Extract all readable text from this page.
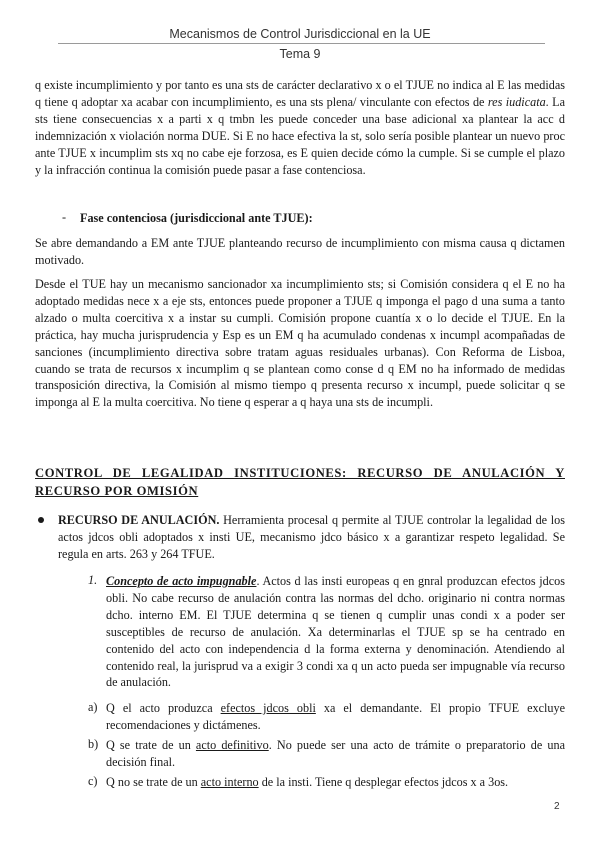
Mecanismos de Control Jurisdiccional en la UE
Tema 9

q existe incumplimiento y por tanto es una sts de carácter declarativo x o el TJUE no indica al E las medidas q tiene q adoptar xa acabar con incumplimiento, es una sts plena/ vinculante con efectos de res iudicata. La sts tiene consecuencias x a parti x q tmbn les puede conceder una base adicional xa plantear la acc d indemnización x violación norma DUE. Si E no hace efectiva la st, solo sería posible plantear un nuevo proc ante TJUE x incumplim sts xq no cabe eje forzosa, es E quien decide cómo la cumple. Si se cumple el plazo y la infracción continua la comisión puede pasar a fase contenciosa.

- Fase contenciosa (jurisdiccional ante TJUE):

Se abre demandando a EM ante TJUE planteando recurso de incumplimiento con misma causa q dictamen motivado.

Desde el TUE hay un mecanismo sancionador xa incumplimiento sts; si Comisión considera q el E no ha adoptado medidas nece x a eje sts, entonces puede proponer a TJUE q imponga el pago d una suma a tanto alzado o multa coercitiva x a instar su cumpli. Comisión propone cuantía x o lo decide el TJUE. En la práctica, hay mucha jurisprudencia y Esp es un EM q ha acumulado condenas x incumpl acompañadas de sanciones (incumplimiento directiva sobre tratam aguas residuales urbanas). Con Reforma de Lisboa, cuando se trata de recursos x incumplim q se plantean como conse d q EM no ha informado de medidas transposición directiva, la Comisión al mismo tiempo q presenta recurso x incumpl, puede solicitar q se imponga al E la multa coercitiva. No tiene q esperar a q haya una sts de incumpli.

CONTROL DE LEGALIDAD INSTITUCIONES: RECURSO DE ANULACIÓN Y RECURSO POR OMISIÓN

RECURSO DE ANULACIÓN. Herramienta procesal q permite al TJUE controlar la legalidad de los actos jdcos obli adoptados x insti UE, mecanismo jdco básico x a garantizar respeto legalidad. Se regula en arts. 263 y 264 TFUE.

1. Concepto de acto impugnable. Actos d las insti europeas q en gnral produzcan efectos jdcos obli. No cabe recurso de anulación contra las normas del dcho. originario ni contra normas dcho. interno EM. El TJUE determina q se tienen q cumplir unas condi x a poder ser susceptibles de recurso de anulación. Xa determinarlas el TJUE sp se ha centrado en contenido del acto con independencia d la forma externa y denominación. Atendiendo al contenido real, la jurisprud va a exigir 3 condi xa q un acto pueda ser impugnable vía recurso de anulación.

a) Q el acto produzca efectos jdcos obli xa el demandante. El propio TFUE excluye recomendaciones y dictámenes.

b) Q se trate de un acto definitivo. No puede ser una acto de trámite o preparatorio de una decisión final.

c) Q no se trate de un acto interno de la insti. Tiene q desplegar efectos jdcos x a 3os.

2
